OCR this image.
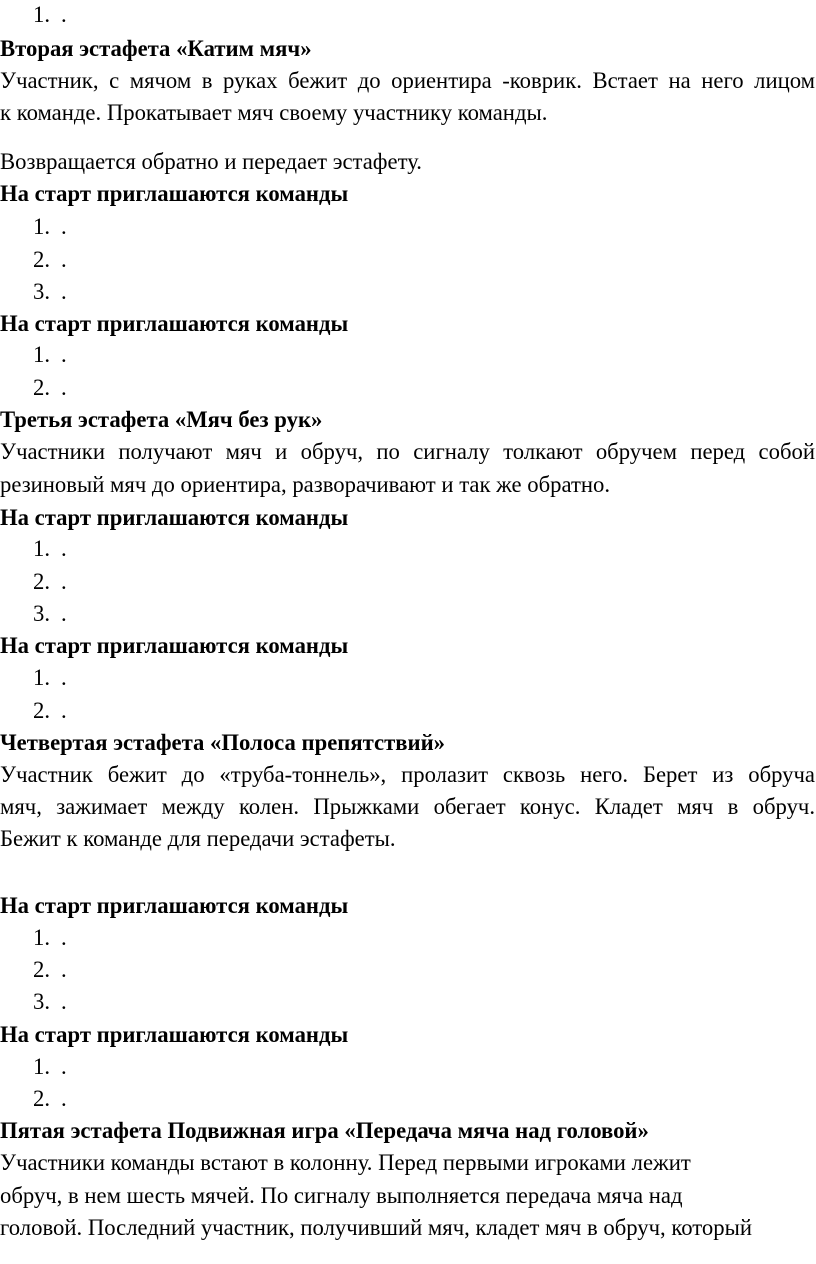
1. .
Вторая эстафета «Катим мяч»
Участник, с мячом в руках бежит до ориентира -коврик. Встает на него лицом
к команде. Прокатывает мяч своему участнику команды.
Возвращается обратно и передает эстафету.
На старт приглашаются команды
1. .
2. .
3. .
На старт приглашаются команды
1. .
2. .
Третья эстафета «Мяч без рук»
Участники получают мяч и обруч, по сигналу толкают обручем перед собой
резиновый мяч до ориентира, разворачивают и так же обратно.
На старт приглашаются команды
1. .
2. .
3. .
На старт приглашаются команды
1. .
2. .
Четвертая эстафета «Полоса препятствий»
Участник бежит до «труба-тоннель», пролазит сквозь него. Берет из обруча
мяч, зажимает между колен. Прыжками обегает конус. Кладет мяч в обруч.
Бежит к команде для передачи эстафеты.
На старт приглашаются команды
1. .
2. .
3. .
На старт приглашаются команды
1. .
2. .
Пятая эстафета Подвижная игра «Передача мяча над головой»
Участники команды встают в колонну. Перед первыми игроками лежит
обруч, в нем шесть мячей. По сигналу выполняется передача мяча над
головой. Последний участник, получивший мяч, кладет мяч в обруч, который
